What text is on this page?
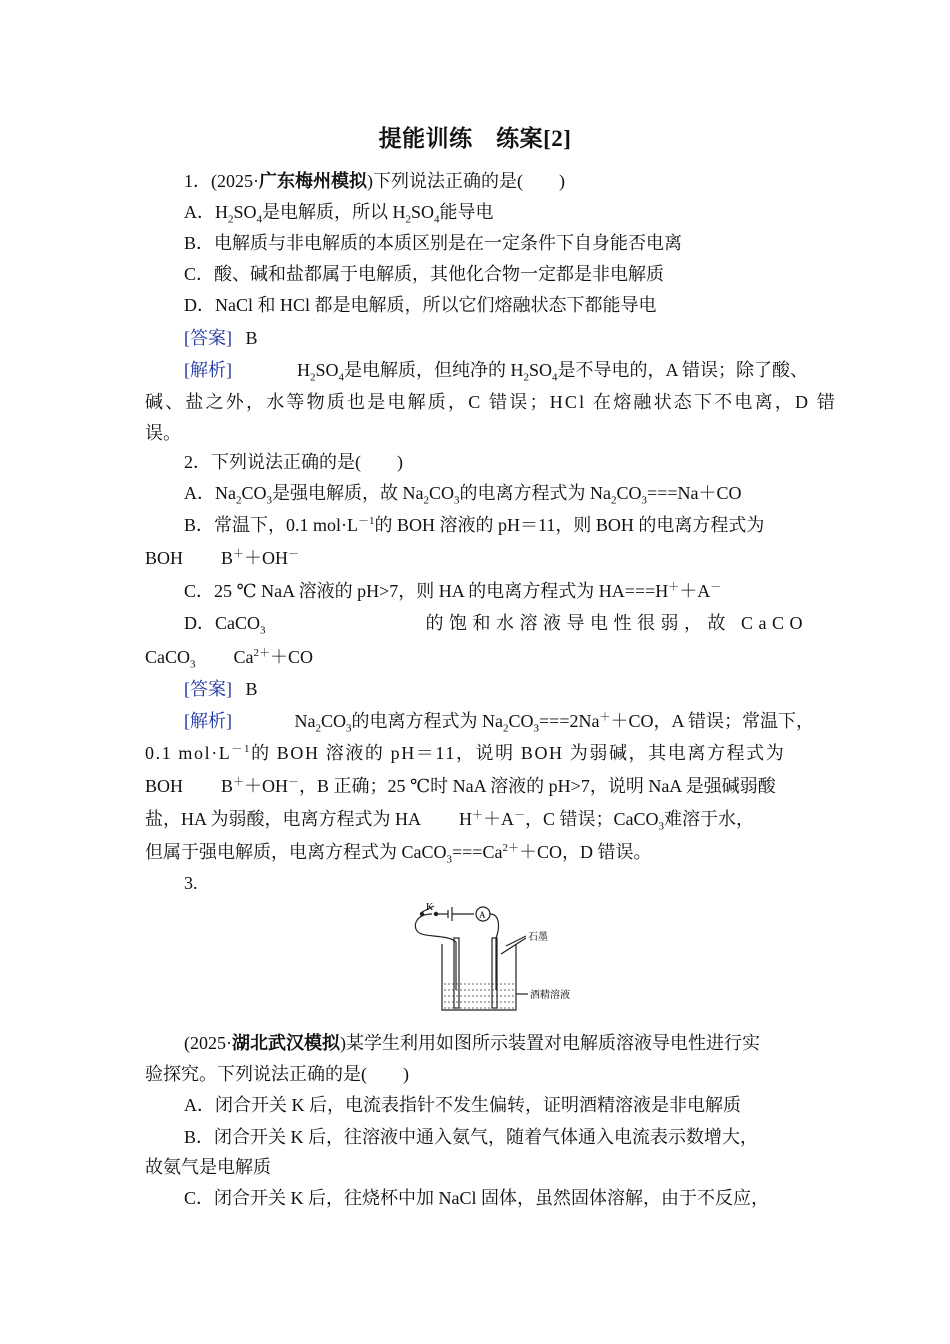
提能训练　练案[2]
1．(2025·广东梅州模拟)下列说法正确的是(　　)
A．$H_2SO_4$是电解质，所以 $H_2SO_4$能导电
B．电解质与非电解质的本质区别是在一定条件下自身能否电离
C．酸、碱和盐都属于电解质，其他化合物一定都是非电解质
D．NaCl 和 HCl 都是电解质，所以它们熔融状态下都能导电
[答案] B
[解析]	$H_2SO_4$是电解质，但纯净的 $H_2SO_4$是不导电的，A 错误；除了酸、
碱、盐之外，水等物质也是电解质，C 错误；HCl 在熔融状态下不电离，D 错
误。
2．下列说法正确的是(　　)
A．$Na_2CO_3$是强电解质，故 $Na_2CO_3$的电离方程式为 $Na_2CO_3===Na+CO$
B．常温下，0.1 $mol\cdot L^{-1}$的 BOH 溶液的 pH＝11，则 BOH 的电离方程式为
BOH B＋＋OH－
C．25 ℃ NaA 溶液的 pH>7，则 HA 的电离方程式为 HA===H＋＋A－
D．CaCO$_3$	的饱和水溶液导电性很弱，故 CaCO
CaCO$_3$ $Ca^{2+}+CO$
[答案] B
[解析]	$Na_2CO_3$的电离方程式为 $Na_2CO_3===2Na^++CO$，A 错误；常温下，
0.1 $mol\cdot L^{-1}$的 BOH 溶液的 pH＝11，说明 BOH 为弱碱，其电离方程式为
BOH B＋＋OH－，B 正确；25 ℃时 NaA 溶液的 pH>7，说明 NaA 是强碱弱酸
盐，HA 为弱酸，电离方程式为 HA H＋＋A－，C 错误；CaCO$_3$难溶于水，
但属于强电解质，电离方程式为 $CaCO_3===Ca^{2+}+CO$，D 错误。
3.
K
A
石墨
酒精溶液
(2025·湖北武汉模拟)某学生利用如图所示装置对电解质溶液导电性进行实
验探究。下列说法正确的是(　　)
A．闭合开关 K 后，电流表指针不发生偏转，证明酒精溶液是非电解质
B．闭合开关 K 后，往溶液中通入氨气，随着气体通入电流表示数增大，
故氨气是电解质
C．闭合开关 K 后，往烧杯中加 NaCl 固体，虽然固体溶解，由于不反应，
